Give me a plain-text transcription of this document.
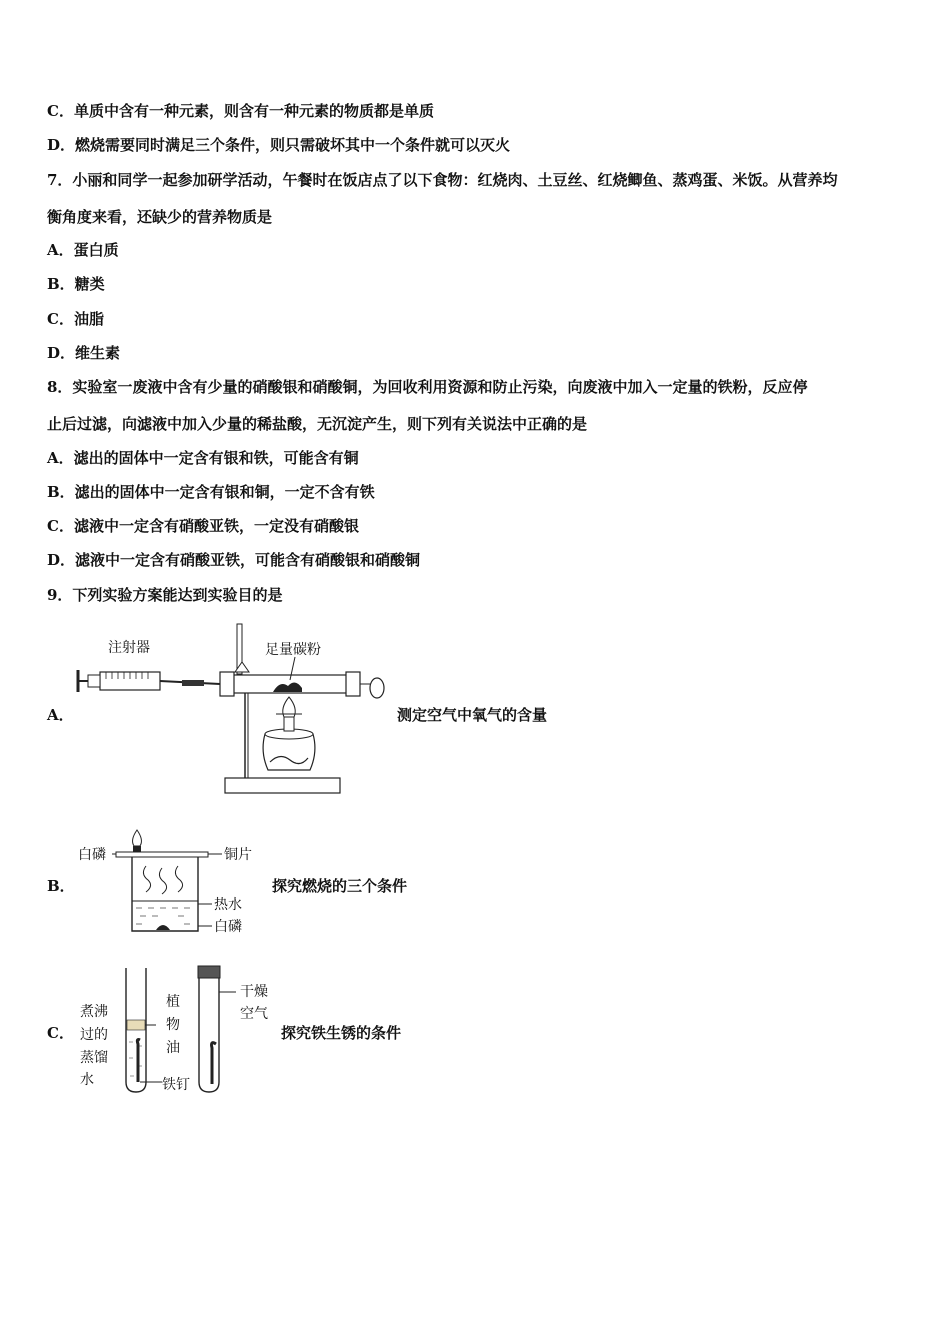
C．单质中含有一种元素，则含有一种元素的物质都是单质
D．燃烧需要同时满足三个条件，则只需破坏其中一个条件就可以灭火
7．小丽和同学一起参加研学活动，午餐时在饭店点了以下食物：红烧肉、土豆丝、红烧鲫鱼、蒸鸡蛋、米饭。从营养均
衡角度来看，还缺少的营养物质是
A．蛋白质
B．糖类
C．油脂
D．维生素
8．实验室一废液中含有少量的硝酸银和硝酸铜，为回收利用资源和防止污染，向废液中加入一定量的铁粉，反应停
止后过滤，向滤液中加入少量的稀盐酸，无沉淀产生，则下列有关说法中正确的是
A．滤出的固体中一定含有银和铁，可能含有铜
B．滤出的固体中一定含有银和铜，一定不含有铁
C．滤液中一定含有硝酸亚铁，一定没有硝酸银
D．滤液中一定含有硝酸亚铁，可能含有硝酸银和硝酸铜
9．下列实验方案能达到实验目的是
A．
注射器	足量碳粉
测定空气中氧气的含量
B．
白磷	铜片
热水
白磷
探究燃烧的三个条件
C．
煮沸
过的
蒸馏
水
植
物
油
铁钉
干燥
空气
探究铁生锈的条件
